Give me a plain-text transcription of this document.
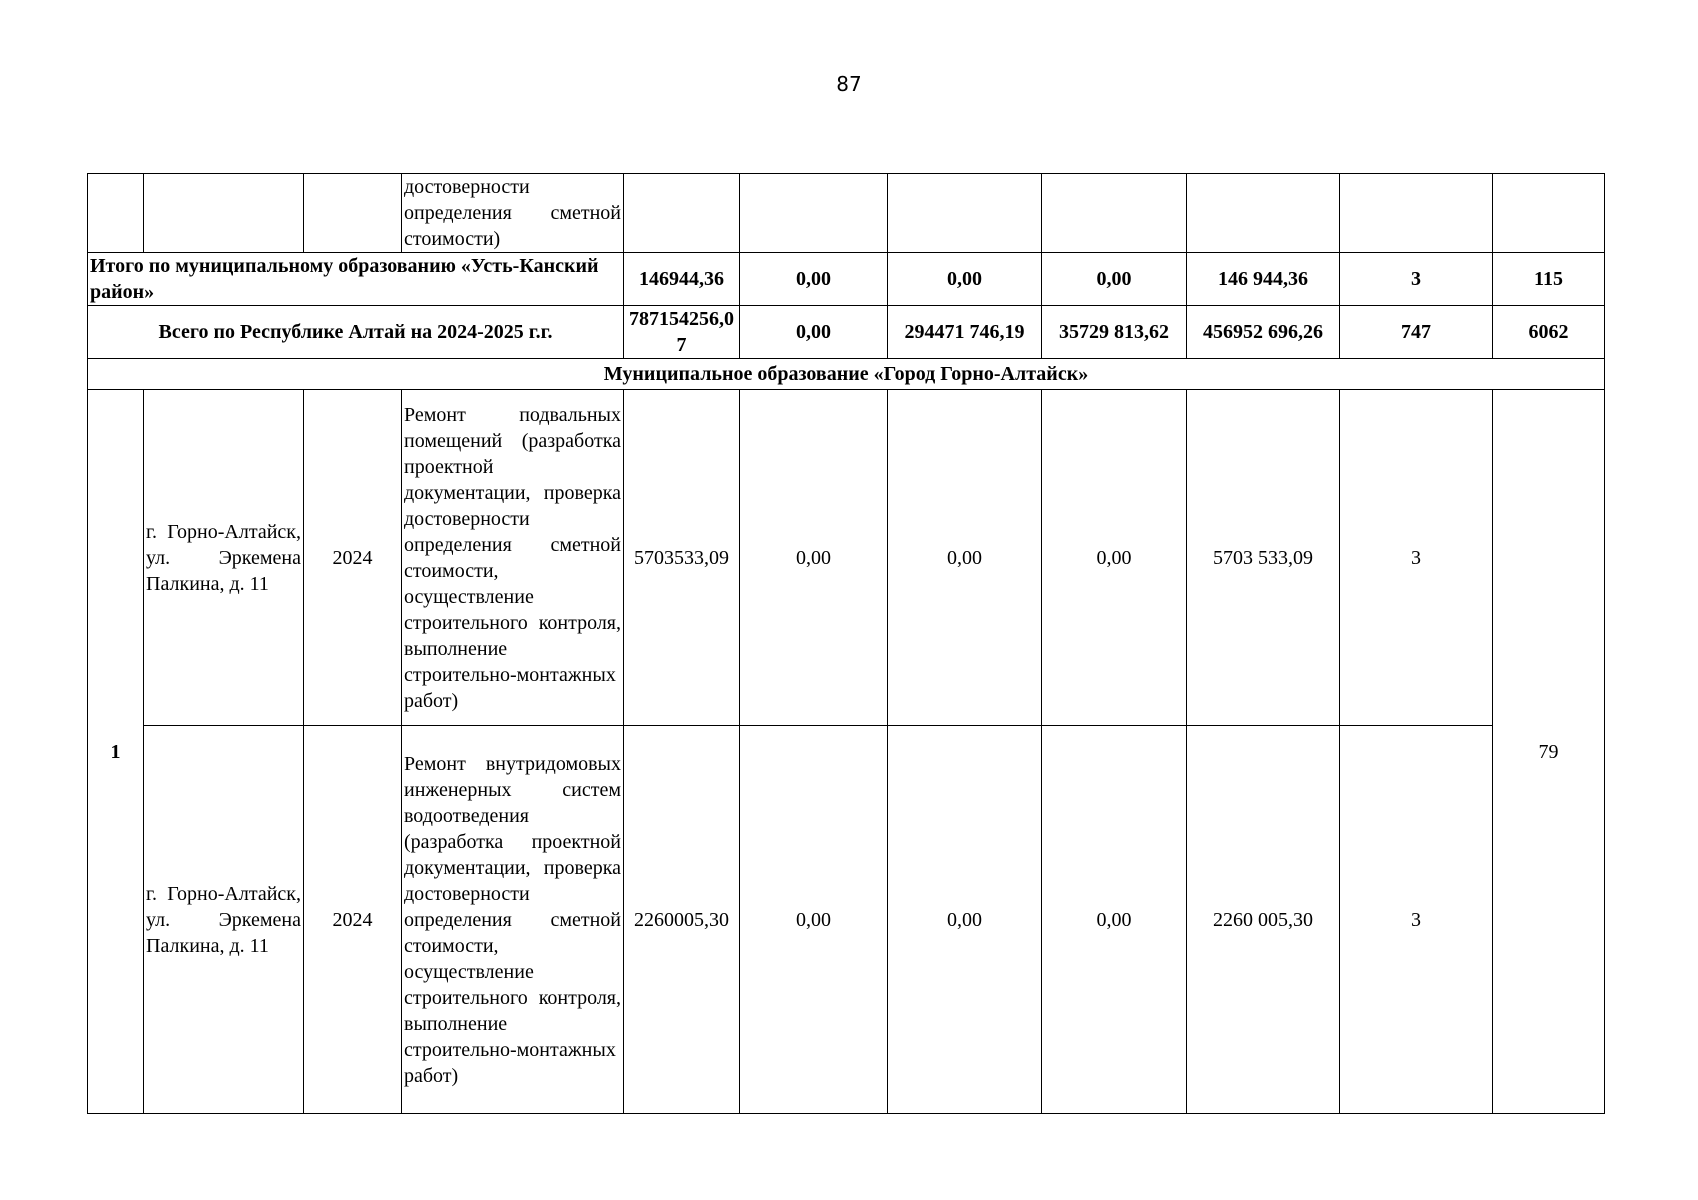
87
			достоверности определения сметной стоимости)							
Итого по муниципальному образованию «Усть-Канский район»				146944,36	0,00	0,00	0,00	146 944,36	3	115
Всего по Республике Алтай на 2024-2025 г.г.				787154256,07	0,00	294471 746,19	35729 813,62	456952 696,26	747	6062
Муниципальное образование «Город Горно-Алтайск»										
1	г. Горно-Алтайск, ул. Эркемена Палкина, д. 11	2024	Ремонт подвальных помещений (разработка проектной документации, проверка достоверности определения сметной стоимости, осуществление строительного контроля, выполнение строительно-монтажных работ)	5703533,09	0,00	0,00	0,00	5703 533,09	3	79
	г. Горно-Алтайск, ул. Эркемена Палкина, д. 11	2024	Ремонт внутридомовых инженерных систем водоотведения (разработка проектной документации, проверка достоверности определения сметной стоимости, осуществление строительного контроля, выполнение строительно-монтажных работ)	2260005,30	0,00	0,00	0,00	2260 005,30	3	
